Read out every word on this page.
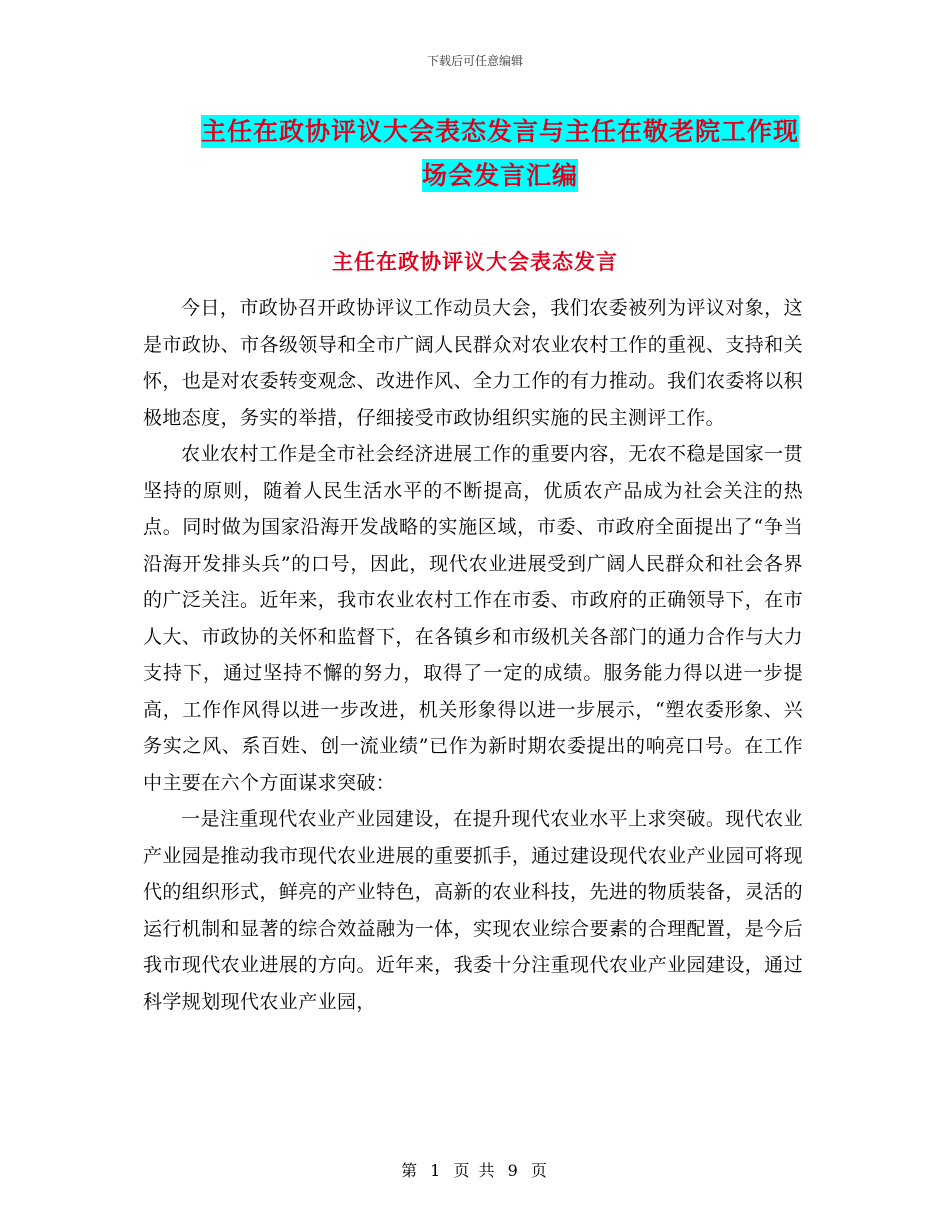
下载后可任意编辑
主任在政协评议大会表态发言与主任在敬老院工作现场会发言汇编
主任在政协评议大会表态发言

今日，市政协召开政协评议工作动员大会，我们农委被列为评议对象，这是市政协、市各级领导和全市广阔人民群众对农业农村工作的重视、支持和关怀，也是对农委转变观念、改进作风、全力工作的有力推动。我们农委将以积极地态度，务实的举措，仔细接受市政协组织实施的民主测评工作。

农业农村工作是全市社会经济进展工作的重要内容，无农不稳是国家一贯坚持的原则，随着人民生活水平的不断提高，优质农产品成为社会关注的热点。同时做为国家沿海开发战略的实施区域，市委、市政府全面提出了“争当沿海开发排头兵”的口号，因此，现代农业进展受到广阔人民群众和社会各界的广泛关注。近年来，我市农业农村工作在市委、市政府的正确领导下，在市人大、市政协的关怀和监督下，在各镇乡和市级机关各部门的通力合作与大力支持下，通过坚持不懈的努力，取得了一定的成绩。服务能力得以进一步提高，工作作风得以进一步改进，机关形象得以进一步展示，“塑农委形象、兴务实之风、系百姓、创一流业绩”已作为新时期农委提出的响亮口号。在工作中主要在六个方面谋求突破：

一是注重现代农业产业园建设，在提升现代农业水平上求突破。现代农业产业园是推动我市现代农业进展的重要抓手，通过建设现代农业产业园可将现代的组织形式，鲜亮的产业特色，高新的农业科技，先进的物质装备，灵活的运行机制和显著的综合效益融为一体，实现农业综合要素的合理配置，是今后我市现代农业进展的方向。近年来，我委十分注重现代农业产业园建设，通过科学规划现代农业产业园，

第 1 页 共 9 页
